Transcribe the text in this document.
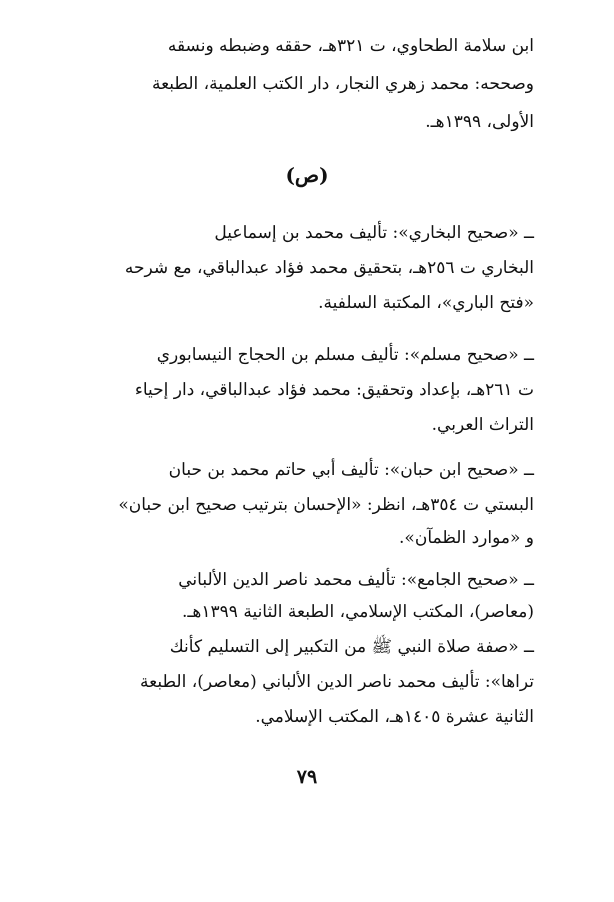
ابن سلامة الطحاوي، ت ٣٢١هـ، حققه وضبطه ونسقه
وصححه: محمد زهري النجار، دار الكتب العلمية، الطبعة
الأولى، ١٣٩٩هـ.
(ص)
ــ «صحيح البخاري»: تأليف محمد بن إسماعيل
البخاري ت ٢٥٦هـ، بتحقيق محمد فؤاد عبدالباقي، مع شرحه
«فتح الباري»، المكتبة السلفية.
ــ «صحيح مسلم»: تأليف مسلم بن الحجاج النيسابوري
ت ٢٦١هـ، بإعداد وتحقيق: محمد فؤاد عبدالباقي، دار إحياء
التراث العربي.
ــ «صحيح ابن حبان»: تأليف أبي حاتم محمد بن حبان
البستي ت ٣٥٤هـ، انظر: «الإحسان بترتيب صحيح ابن حبان»
و «موارد الظمآن».
ــ «صحيح الجامع»: تأليف محمد ناصر الدين الألباني
(معاصر)، المكتب الإسلامي، الطبعة الثانية ١٣٩٩هـ.
ــ «صفة صلاة النبي ﷺ من التكبير إلى التسليم كأنك
تراها»: تأليف محمد ناصر الدين الألباني (معاصر)، الطبعة
الثانية عشرة ١٤٠٥هـ، المكتب الإسلامي.
٧٩
